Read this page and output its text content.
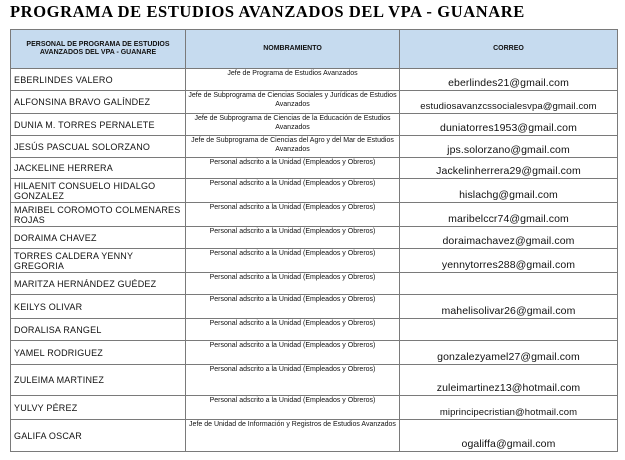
PROGRAMA DE ESTUDIOS AVANZADOS DEL VPA - GUANARE
PERSONAL DE PROGRAMA DE ESTUDIOS AVANZADOS DEL VPA - GUANARE	NOMBRAMIENTO	CORREO
EBERLINDES VALERO	Jefe de Programa de Estudios Avanzados	eberlindes21@gmail.com
ALFONSINA BRAVO GALÍNDEZ	Jefe de Subprograma de Ciencias Sociales y Jurídicas de Estudios Avanzados	estudiosavanzcssocialesvpa@gmail.com
DUNIA M. TORRES PERNALETE	Jefe de Subprograma de Ciencias de la Educación de Estudios Avanzados	duniatorres1953@gmail.com
JESÚS PASCUAL SOLORZANO	Jefe de Subprograma de Ciencias del Agro y del Mar de Estudios Avanzados	jps.solorzano@gmail.com
JACKELINE HERRERA	Personal adscrito a la Unidad (Empleados y Obreros)	Jackelinherrera29@gmail.com
HILAENIT CONSUELO HIDALGO GONZALEZ	Personal adscrito a la Unidad (Empleados y Obreros)	hislachg@gmail.com
MARIBEL COROMOTO COLMENARES ROJAS	Personal adscrito a la Unidad (Empleados y Obreros)	maribelccr74@gmail.com
DORAIMA CHAVEZ	Personal adscrito a la Unidad (Empleados y Obreros)	doraimachavez@gmail.com
TORRES CALDERA YENNY GREGORIA	Personal adscrito a la Unidad (Empleados y Obreros)	yennytorres288@gmail.com
MARITZA HERNÁNDEZ GUÉDEZ	Personal adscrito a la Unidad (Empleados y Obreros)	
KEILYS OLIVAR	Personal adscrito a la Unidad (Empleados y Obreros)	mahelisolivar26@gmail.com
DORALISA RANGEL	Personal adscrito a la Unidad (Empleados y Obreros)	
YAMEL RODRIGUEZ	Personal adscrito a la Unidad (Empleados y Obreros)	gonzalezyamel27@gmail.com
ZULEIMA MARTINEZ	Personal adscrito a la Unidad (Empleados y Obreros)	zuleimartinez13@hotmail.com
YULVY PÉREZ	Personal adscrito a la Unidad (Empleados y Obreros)	miprincipecristian@hotmail.com
GALIFA OSCAR	Jefe de Unidad de Información y Registros de Estudios Avanzados	ogaliffa@gmail.com
